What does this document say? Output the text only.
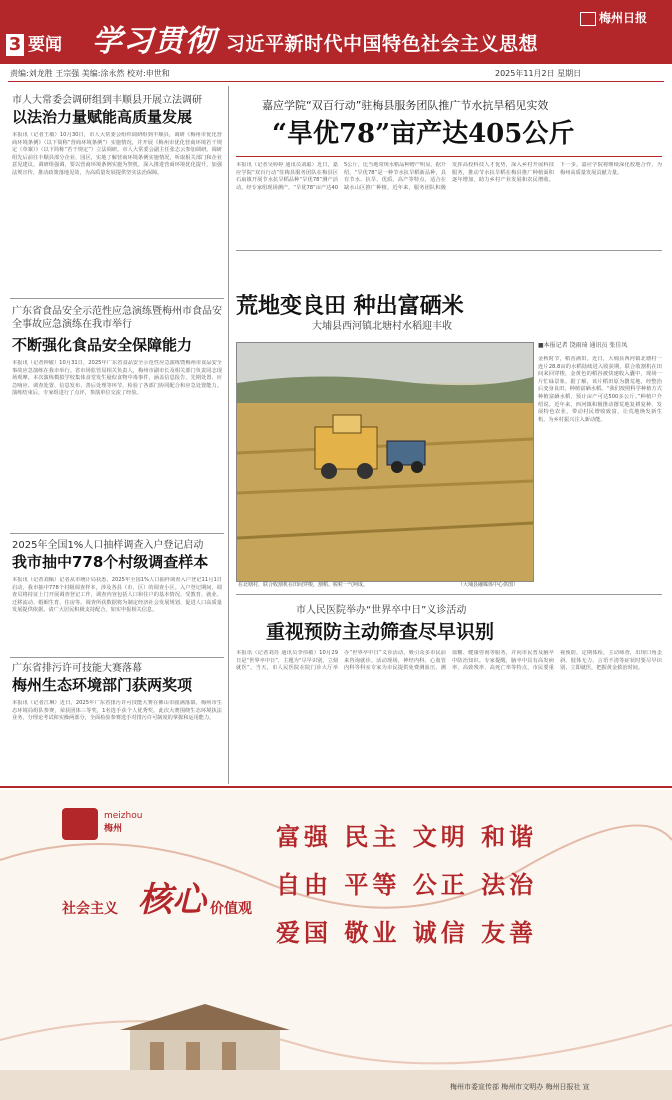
3 要闻 学习贯彻 习近平新时代中国特色社会主义思想
梅州日报
责编:刘龙胜 王宗强 美编:涂永然 校对:申世和	2025年11月2日 星期日
市人大常委会调研组到丰顺县开展立法调研
以法治力量赋能高质量发展
本报讯（记者王敏）10月30日，市人大常委会组织调研组到丰顺县，调研《梅州市优化营商环境条例》（以下简称“营商环境条例”）实施情况，并开展《梅州市优化营商环境若干规定（草案）》（以下简称“若干规定”）立法调研。市人大常委会副主任张志云参加调研。调研组先后前往丰顺县部分企业、园区，实地了解营商环境条例实施情况，听取相关部门和企业意见建议。调研组强调，要以营商环境条例实施为契机，深入推进营商环境优化提升，加强法规宣传，推动政策落地见效，为高质量发展提供坚实法治保障。
广东省食品安全示范性应急演练暨梅州市食品安全事故应急演练在我市举行
不断强化食品安全保障能力
本报讯（记者钟敏）10月31日，2025年广东省食品安全示范性应急演练暨梅州市食品安全事故应急演练在我市举行。省市场监管局相关负责人，梅州市副市长及相关部门负责同志现场观摩。本次演练模拟学校集体食堂发生疑似食物中毒事件，涵盖信息报告、先期处置、应急响应、调查处置、信息发布、善后处理等环节，检验了各部门协同配合和应急处置能力。演练结束后，专家组进行了点评，参演单位交流了经验。
2025年全国1%人口抽样调查入户登记启动
我市抽中778个村级调查样本
本报讯（记者刘佩）记者从市统计局获悉，2025年全国1%人口抽样调查入户登记11月1日启动，我市抽中778个村级调查样本，涉及各县（市、区）的调查小区。入户登记期间，调查员将持证上门开展调查登记工作，调查内容包括人口和住户的基本情况、受教育、就业、迁移流动、婚姻生育、住房等。调查所获数据将为制定经济社会发展规划、促进人口高质量发展提供依据。请广大居民积极支持配合，如实申报相关信息。
广东省排污许可技能大赛落幕
梅州生态环境部门获两奖项
本报讯（记者江琳）近日，2025年广东省排污许可技能大赛在佛山市圆满落幕。梅州市生态环境局组队参赛，荣获团体三等奖，1名选手获个人优秀奖。此次大赛围绕生态环境执法业务，分理论考试和实操两部分，全面检验参赛选手对排污许可制度的掌握和运用能力。
嘉应学院“双百行动”驻梅县服务团队推广节水抗旱稻见实效
“旱优78”亩产达405公斤
本报讯（记者吴婷婷 通讯员刘聪）近日，嘉应学院“双百行动”驻梅县服务团队在梅县区石扇镇开展节水抗旱稻品种“旱优78”测产活动。经专家组现场测产，“旱优78”亩产达405公斤，比当地常规水稻品种增产明显。据介绍，“旱优78”是一种节水抗旱稻新品种，具有节水、抗旱、优质、高产等特点，适合在缺水山区推广种植。近年来，服务团队积极发挥高校科技人才优势，深入乡村开展科技服务，推动节水抗旱稻在梅县推广种植面积逐年增加，助力乡村产业发展和农民增收。下一步，嘉应学院将继续深化校地合作，为梅州高质量发展贡献力量。
荒地变良田 种出富硒米
大埔县西河镇北塘村水稻迎丰收
在北塘村，联合收割机在田间穿梭，割稻、脱粒一气呵成。	（大埔县融媒体中心供图）
■本报记者 饶雨琦 通讯员 张佳凤
金秋时节，稻香满田。近日，大埔县西河镇北塘村一连片28.8亩的水稻陆续进入收获期，联合收割机在田间来回穿梭，金黄色的稻谷被快速收入囊中，现场一片忙碌景象。据了解，该片稻田原为撂荒地，经整治后变身良田，种植富硒水稻。“我们按照科学种植方式种植富硒水稻，预计亩产可达500多公斤。”种植户介绍说。近年来，西河镇积极推动撂荒地复耕复种，发展特色农业，带动村民增收致富，让荒地焕发新生机，为乡村振兴注入新动能。
市人民医院举办“世界卒中日”义诊活动
重视预防主动筛查尽早识别
本报讯（记者刘苏 通讯员李伟敏）10月29日是“世界卒中日”，主题为“尽早识别，立刻就医”。当天，市人民医院在院门诊大厅举办“世界卒中日”义诊活动，吸引众多市民前来咨询就诊。活动现场，神经内科、心血管内科等科室专家为市民提供免费测血压、测血糖、健康咨询等服务，并向市民普及脑卒中防治知识。专家提醒，脑卒中具有高发病率、高致残率、高死亡率等特点，市民要重视预防，定期体检，主动筛查，出现口角歪斜、肢体无力、言语不清等症状时要尽早识别、立即就医，把握黄金救治时间。
meizhou
梅州
社会主义 核心 价值观
富强 民主 文明 和谐
自由 平等 公正 法治
爱国 敬业 诚信 友善
梅州市委宣传部 梅州市文明办 梅州日报社 宣
